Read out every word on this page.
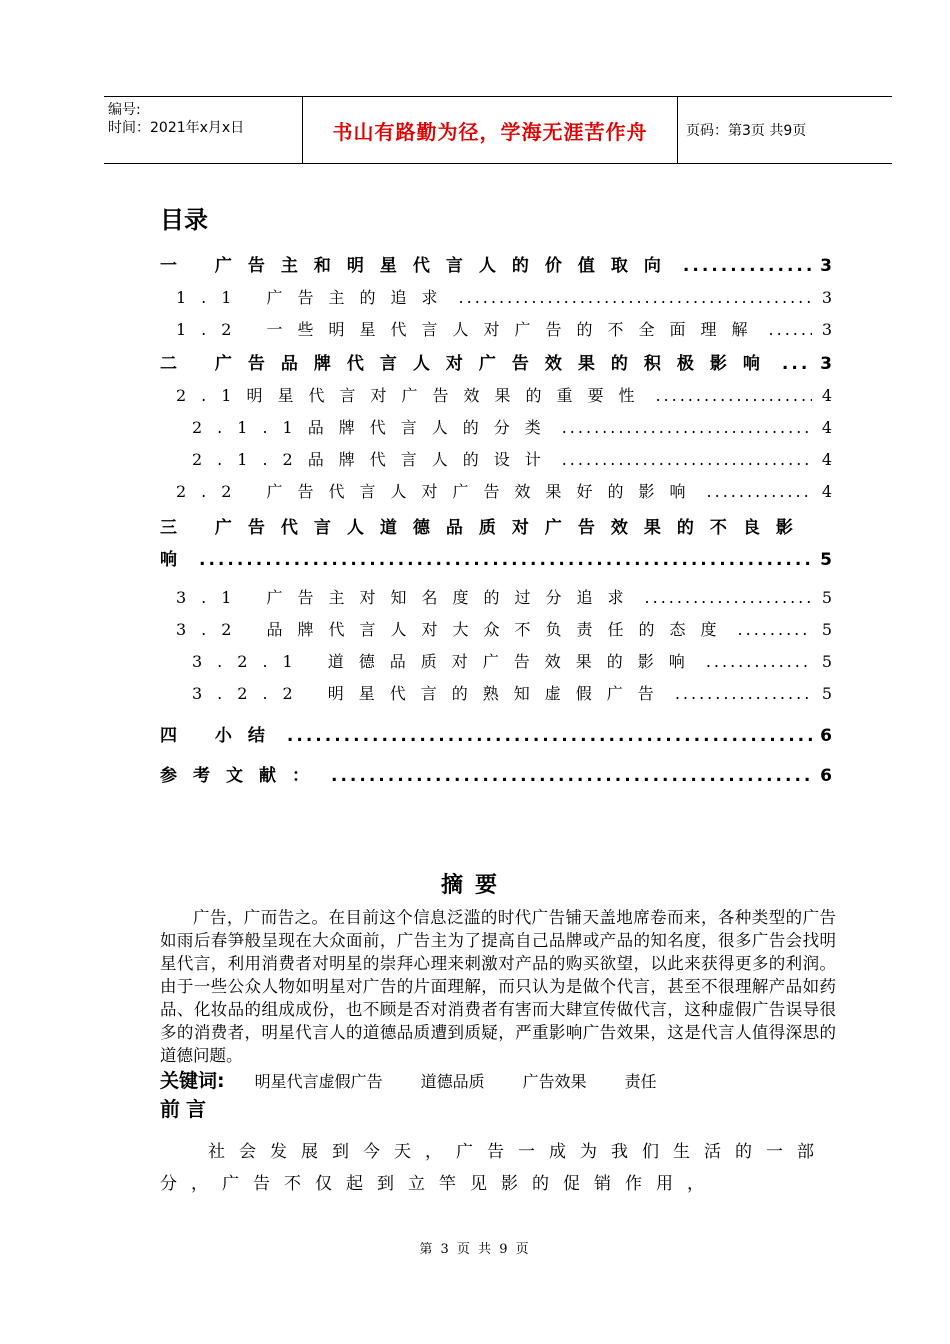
编号:
时间：2021年x月x日	书山有路勤为径，学海无涯苦作舟	页码：第3页 共9页
目录
一 广告主和明星代言人的价值取向 .....	3
1.1 广告主的追求 .....	3
1.2 一些明星代言人对广告的不全面理解 .....	3
二 广告品牌代言人对广告效果的积极影响 .....	3
2.1明星代言对广告效果的重要性 .....	4
2.1.1品牌代言人的分类 .....	4
2.1.2品牌代言人的设计 .....	4
2.2 广告代言人对广告效果好的影响 .....	4
三 广告代言人道德品质对广告效果的不良影
响 .....	5
3.1 广告主对知名度的过分追求 .....	5
3.2 品牌代言人对大众不负责任的态度 .....	5
3.2.1 道德品质对广告效果的影响 .....	5
3.2.2 明星代言的熟知虚假广告 .....	5
四 小结 .....	6
参考文献： .....	6
摘要
广告，广而告之。在目前这个信息泛滥的时代广告铺天盖地席卷而来，各种类型的广告如雨后春笋般呈现在大众面前，广告主为了提高自己品牌或产品的知名度，很多广告会找明星代言，利用消费者对明星的崇拜心理来刺激对产品的购买欲望，以此来获得更多的利润。由于一些公众人物如明星对广告的片面理解，而只认为是做个代言，甚至不很理解产品如药品、化妆品的组成成份，也不顾是否对消费者有害而大肆宣传做代言，这种虚假广告误导很多的消费者，明星代言人的道德品质遭到质疑，严重影响广告效果，这是代言人值得深思的道德问题。
关键词: 明星代言虚假广告 道德品质 广告效果 责任
前言
社会发展到今天，广告一成为我们生活的一部分，广告不仅起到立竿见影的促销作用，
第 3 页 共 9 页
